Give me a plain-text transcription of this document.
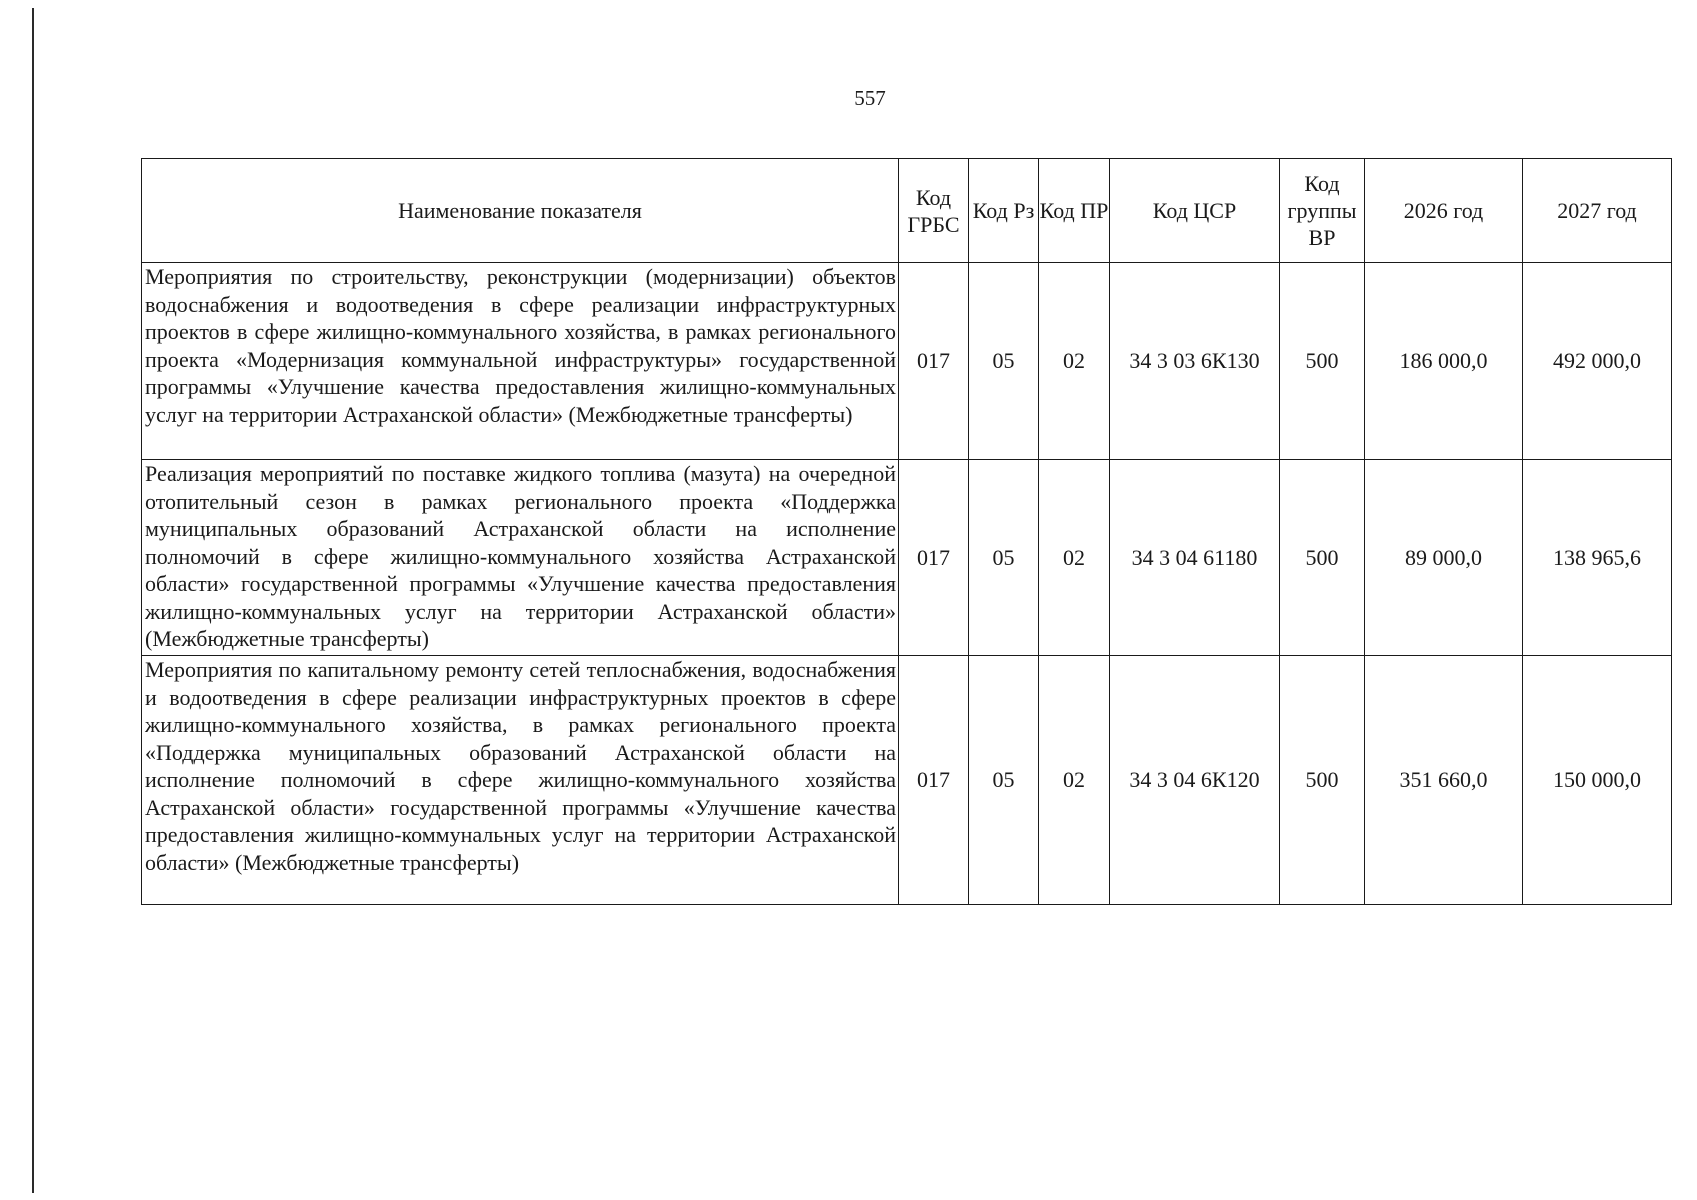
557
Наименование показателя	Код ГРБС	Код Рз	Код ПР	Код ЦСР	Код группы ВР	2026 год	2027 год
Мероприятия по строительству, реконструкции (модернизации) объектов водоснабжения и водоотведения в сфере реализации инфраструктурных проектов в сфере жилищно-коммунального хозяйства, в рамках регионального проекта «Модернизация коммунальной инфраструктуры» государственной программы «Улучшение качества предоставления жилищно-коммунальных услуг на территории Астраханской области» (Межбюджетные трансферты)	017	05	02	34 3 03 6К130	500	186 000,0	492 000,0
Реализация мероприятий по поставке жидкого топлива (мазута) на очередной отопительный сезон в рамках регионального проекта «Поддержка муниципальных образований Астраханской области на исполнение полномочий в сфере жилищно-коммунального хозяйства Астраханской области» государственной программы «Улучшение качества предоставления жилищно-коммунальных услуг на территории Астраханской области» (Межбюджетные трансферты)	017	05	02	34 3 04 61180	500	89 000,0	138 965,6
Мероприятия по капитальному ремонту сетей теплоснабжения, водоснабжения и водоотведения в сфере реализации инфраструктурных проектов в сфере жилищно-коммунального хозяйства, в рамках регионального проекта «Поддержка муниципальных образований Астраханской области на исполнение полномочий в сфере жилищно-коммунального хозяйства Астраханской области» государственной программы «Улучшение качества предоставления жилищно-коммунальных услуг на территории Астраханской области» (Межбюджетные трансферты)	017	05	02	34 3 04 6К120	500	351 660,0	150 000,0
